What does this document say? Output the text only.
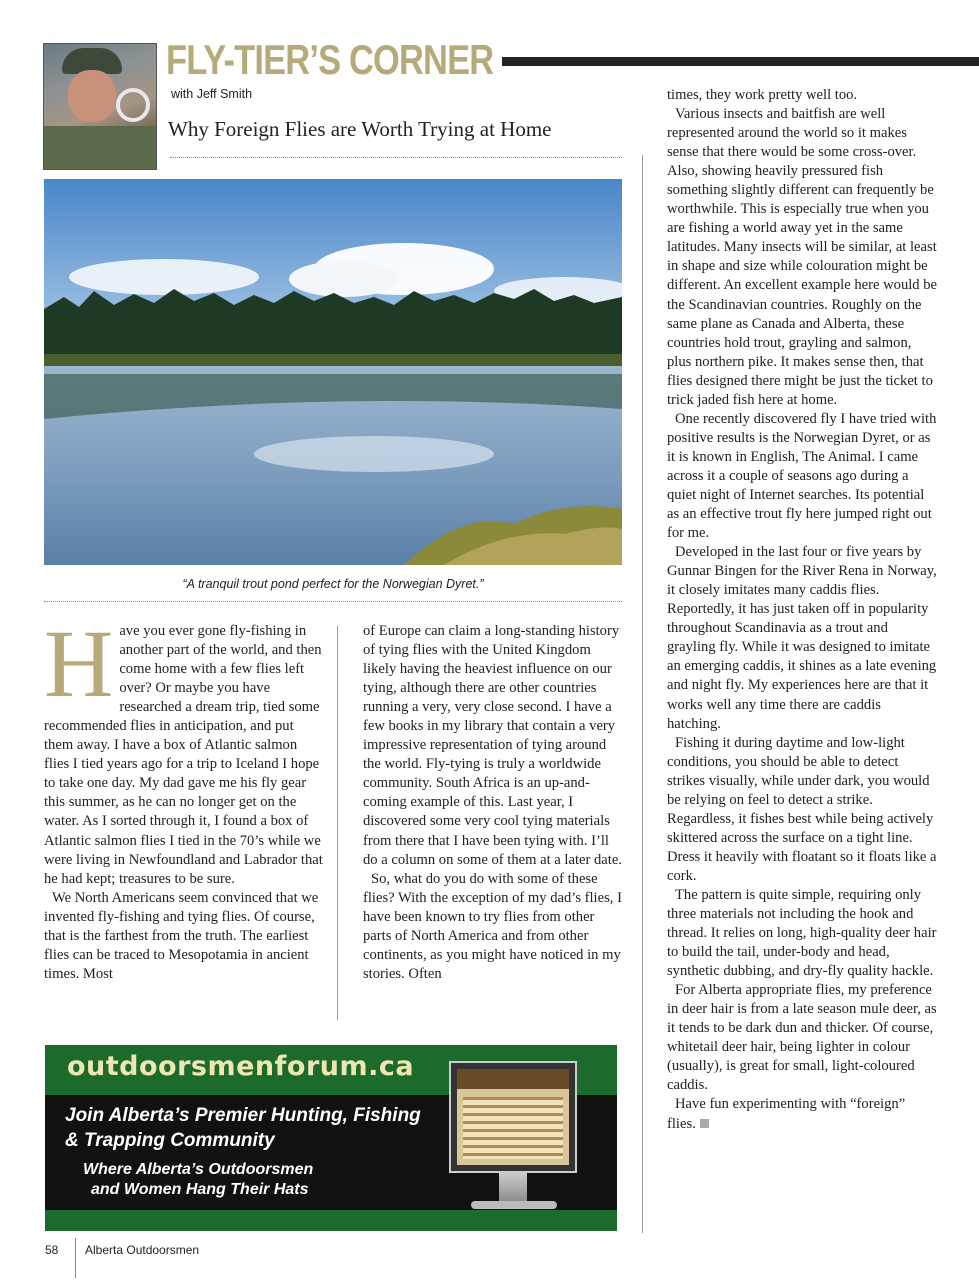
FLY-TIER’S CORNER
with Jeff Smith
Why Foreign Flies are Worth Trying at Home
“A tranquil trout pond perfect for the Norwegian Dyret.”

Have you ever gone fly-fishing in another part of the world, and then come home with a few flies left over? Or maybe you have researched a dream trip, tied some recommended flies in anticipation, and put them away. I have a box of Atlantic salmon flies I tied years ago for a trip to Iceland I hope to take one day. My dad gave me his fly gear this summer, as he can no longer get on the water. As I sorted through it, I found a box of Atlantic salmon flies I tied in the 70’s while we were living in Newfoundland and Labrador that he had kept; treasures to be sure.

We North Americans seem convinced that we invented fly-fishing and tying flies. Of course, that is the farthest from the truth. The earliest flies can be traced to Mesopotamia in ancient times. Most

of Europe can claim a long-standing history of tying flies with the United Kingdom likely having the heaviest influence on our tying, although there are other countries running a very, very close second. I have a few books in my library that contain a very impressive representation of tying around the world. Fly-tying is truly a worldwide community. South Africa is an up-and-coming example of this. Last year, I discovered some very cool tying materials from there that I have been tying with. I’ll do a column on some of them at a later date.

So, what do you do with some of these flies? With the exception of my dad’s flies, I have been known to try flies from other parts of North America and from other continents, as you might have noticed in my stories. Often

times, they work pretty well too.

Various insects and baitfish are well represented around the world so it makes sense that there would be some cross-over. Also, showing heavily pressured fish something slightly different can frequently be worthwhile. This is especially true when you are fishing a world away yet in the same latitudes. Many insects will be similar, at least in shape and size while colouration might be different. An excellent example here would be the Scandinavian countries. Roughly on the same plane as Canada and Alberta, these countries hold trout, grayling and salmon, plus northern pike. It makes sense then, that flies designed there might be just the ticket to trick jaded fish here at home.

One recently discovered fly I have tried with positive results is the Norwegian Dyret, or as it is known in English, The Animal. I came across it a couple of seasons ago during a quiet night of Internet searches. Its potential as an effective trout fly here jumped right out for me.

Developed in the last four or five years by Gunnar Bingen for the River Rena in Norway, it closely imitates many caddis flies. Reportedly, it has just taken off in popularity throughout Scandinavia as a trout and grayling fly. While it was designed to imitate an emerging caddis, it shines as a late evening and night fly. My experiences here are that it works well any time there are caddis hatching.

Fishing it during daytime and low-light conditions, you should be able to detect strikes visually, while under dark, you would be relying on feel to detect a strike. Regardless, it fishes best while being actively skittered across the surface on a tight line. Dress it heavily with floatant so it floats like a cork.

The pattern is quite simple, requiring only three materials not including the hook and thread. It relies on long, high-quality deer hair to build the tail, under-body and head, synthetic dubbing, and dry-fly quality hackle.

For Alberta appropriate flies, my preference in deer hair is from a late season mule deer, as it tends to be dark dun and thicker. Of course, whitetail deer hair, being lighter in colour (usually), is great for small, light-coloured caddis.

Have fun experimenting with “foreign” flies.

outdoorsmenforum.ca
Join Alberta’s Premier Hunting, Fishing & Trapping Community
Where Alberta’s Outdoorsmen
and Women Hang Their Hats
58 Alberta Outdoorsmen
